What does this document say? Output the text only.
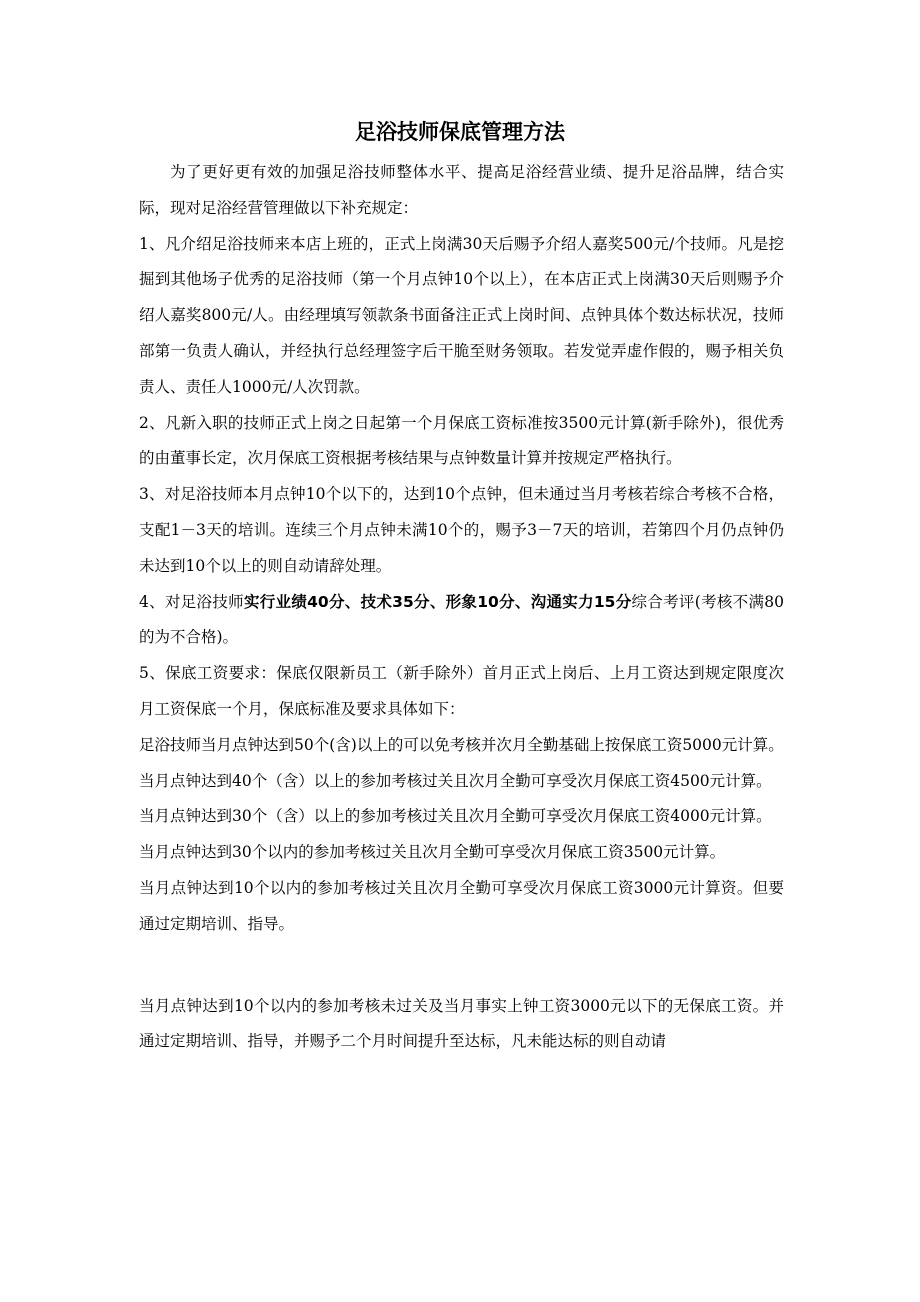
足浴技师保底管理方法

为了更好更有效的加强足浴技师整体水平、提高足浴经营业绩、提升足浴品牌，结合实际，现对足浴经营管理做以下补充规定：

1、凡介绍足浴技师来本店上班的，正式上岗满30天后赐予介绍人嘉奖500元/个技师。凡是挖掘到其他场子优秀的足浴技师（第一个月点钟10个以上），在本店正式上岗满30天后则赐予介绍人嘉奖800元/人。由经理填写领款条书面备注正式上岗时间、点钟具体个数达标状况，技师部第一负责人确认，并经执行总经理签字后干脆至财务领取。若发觉弄虚作假的，赐予相关负责人、责任人1000元/人次罚款。

2、凡新入职的技师正式上岗之日起第一个月保底工资标准按3500元计算(新手除外)，很优秀的由董事长定，次月保底工资根据考核结果与点钟数量计算并按规定严格执行。

3、对足浴技师本月点钟10个以下的，达到10个点钟，但未通过当月考核若综合考核不合格，支配1－3天的培训。连续三个月点钟未满10个的，赐予3－7天的培训，若第四个月仍点钟仍未达到10个以上的则自动请辞处理。

4、对足浴技师实行业绩40分、技术35分、形象10分、沟通实力15分综合考评(考核不满80的为不合格)。

5、保底工资要求：保底仅限新员工（新手除外）首月正式上岗后、上月工资达到规定限度次月工资保底一个月，保底标准及要求具体如下：

足浴技师当月点钟达到50个(含)以上的可以免考核并次月全勤基础上按保底工资5000元计算。

当月点钟达到40个（含）以上的参加考核过关且次月全勤可享受次月保底工资4500元计算。

当月点钟达到30个（含）以上的参加考核过关且次月全勤可享受次月保底工资4000元计算。

当月点钟达到30个以内的参加考核过关且次月全勤可享受次月保底工资3500元计算。

当月点钟达到10个以内的参加考核过关且次月全勤可享受次月保底工资3000元计算资。但要通过定期培训、指导。

当月点钟达到10个以内的参加考核未过关及当月事实上钟工资3000元以下的无保底工资。并通过定期培训、指导，并赐予二个月时间提升至达标，凡未能达标的则自动请
